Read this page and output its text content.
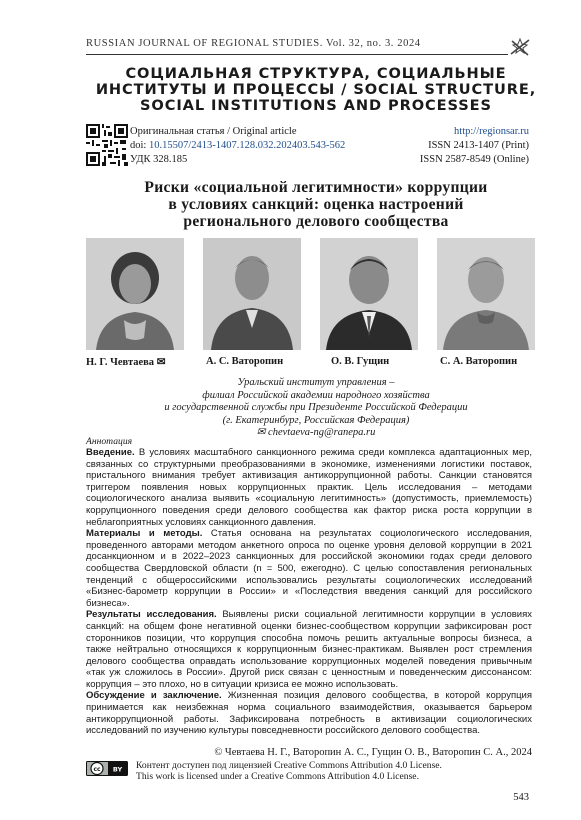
RUSSIAN JOURNAL OF REGIONAL STUDIES. Vol. 32, no. 3. 2024
СОЦИАЛЬНАЯ СТРУКТУРА, СОЦИАЛЬНЫЕ
ИНСТИТУТЫ И ПРОЦЕССЫ / SOCIAL STRUCTURE,
SOCIAL INSTITUTIONS AND PROCESSES
Оригинальная статья / Original article
doi: 10.15507/2413-1407.128.032.202403.543-562
УДК 328.185
http://regionsar.ru
ISSN 2413-1407 (Print)
ISSN 2587-8549 (Online)
Риски «социальной легитимности» коррупции
в условиях санкций: оценка настроений
регионального делового сообщества
Н. Г. Чевтаева ✉	А. С. Ваторопин	О. В. Гущин	С. А. Ваторопин
Уральский институт управления –
филиал Российской академии народного хозяйства
и государственной службы при Президенте Российской Федерации
(г. Екатеринбург, Российская Федерация)
✉ chevtaeva-ng@ranepa.ru
Аннотация

Введение. В условиях масштабного санкционного режима среди комплекса адаптационных мер, связанных со структурными преобразованиями в экономике, изменениями логистики поставок, пристального внимания требует активизация антикоррупционной работы. Санкции становятся триггером появления новых коррупционных практик. Цель исследования – методами социологического анализа выявить «социальную легитимность» (допустимость, приемлемость) коррупционного поведения среди делового сообщества как фактор риска роста коррупции в неблагоприятных условиях санкционного давления.

Материалы и методы. Статья основана на результатах социологического исследования, проведенного авторами методом анкетного опроса по оценке уровня деловой коррупции в 2021 досанкционном и в 2022–2023 санкционных для российской экономики годах среди делового сообщества Свердловской области (n = 500, ежегодно). С целью сопоставления региональных тенденций с общероссийскими использовались результаты социологических исследований «Бизнес-барометр коррупции в России» и «Последствия введения санкций для российского бизнеса».

Результаты исследования. Выявлены риски социальной легитимности коррупции в условиях санкций: на общем фоне негативной оценки бизнес-сообществом коррупции зафиксирован рост сторонников позиции, что коррупция способна помочь решить актуальные вопросы бизнеса, а также нейтрально относящихся к коррупционным бизнес-практикам. Выявлен рост стремления делового сообщества оправдать использование коррупционных моделей поведения привычным «так уж сложилось в России». Другой риск связан с ценностным и поведенческим диссонансом: коррупция – это плохо, но в ситуации кризиса ее можно использовать.

Обсуждение и заключение. Жизненная позиция делового сообщества, в которой коррупция принимается как неизбежная норма социального взаимодействия, оказывается барьером антикоррупционной работы. Зафиксирована потребность в активизации социологических исследований по изучению культуры повседневности российского делового сообщества.

© Чевтаева Н. Г., Ваторопин А. С., Гущин О. В., Ваторопин С. А., 2024
cc BY Контент доступен под лицензией Creative Commons Attribution 4.0 License.
This work is licensed under a Creative Commons Attribution 4.0 License.
543
